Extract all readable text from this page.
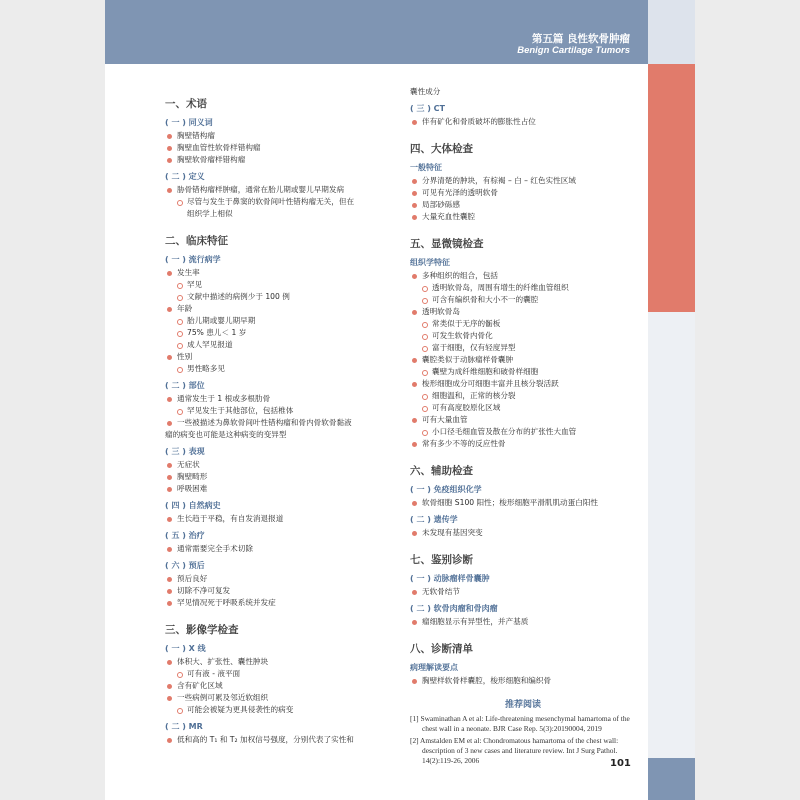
第五篇 良性软骨肿瘤
Benign Cartilage Tumors
一、术语
( 一 ) 同义词
胸壁错构瘤
胸壁血管性软骨样错构瘤
胸壁软骨瘤样错构瘤
( 二 ) 定义
胁骨错构瘤样肿瘤，通常在胎儿期或婴儿早期发病
尽管与发生于鼻窦的软骨间叶性错构瘤无关，但在
组织学上相似
二、临床特征
( 一 ) 流行病学
发生率
罕见
文献中描述的病例少于 100 例
年龄
胎儿期或婴儿期早期
75% 患儿＜ 1 岁
成人罕见报道
性别
男性略多见
( 二 ) 部位
通常发生于 1 根或多根肋骨
罕见发生于其他部位，包括椎体
一些被描述为鼻软骨间叶性错构瘤和骨内骨软骨黏液
瘤的病变也可能是这种病变的变异型
( 三 ) 表现
无症状
胸壁畸形
呼吸困难
( 四 ) 自然病史
生长趋于平稳，有自发消退报道
( 五 ) 治疗
通常需要完全手术切除
( 六 ) 预后
预后良好
切除不净可复发
罕见情况死于呼吸系统并发症
三、影像学检查
( 一 ) X 线
体积大、扩张性、囊性肿块
可有液 - 液平面
含有矿化区域
一些病例可累及邻近软组织
可能会被疑为更具侵袭性的病变
( 二 ) MR
低和高的 T₁ 和 T₂ 加权信号强度，分别代表了实性和
囊性成分
( 三 ) CT
伴有矿化和骨质破坏的膨胀性占位
四、大体检查
一般特征
分界清楚的肿块，有棕褐 – 白 – 红色实性区域
可见有光泽的透明软骨
局部砂砾感
大量充血性囊腔
五、显微镜检查
组织学特征
多种组织的组合，包括
透明软骨岛，周围有增生的纤维血管组织
可含有编织骨和大小不一的囊腔
透明软骨岛
常类似于无序的骺板
可发生软骨内骨化
富于细胞，仅有轻度异型
囊腔类似于动脉瘤样骨囊肿
囊壁为成纤维细胞和破骨样细胞
梭形细胞成分可细胞丰富并且核分裂活跃
细胞温和，正常的核分裂
可有高度胶原化区域
可有大量血管
小口径毛细血管及散在分布的扩张性大血管
常有多少不等的反应性骨
六、辅助检查
( 一 ) 免疫组织化学
软骨细胞 S100 阳性；梭形细胞平滑肌肌动蛋白阳性
( 二 ) 遗传学
未发现有基因突变
七、鉴别诊断
( 一 ) 动脉瘤样骨囊肿
无软骨结节
( 二 ) 软骨肉瘤和骨肉瘤
瘤细胞显示有异型性，并产基质
八、诊断清单
病理解读要点
胸壁样软骨样囊腔，梭形细胞和编织骨
推荐阅读
[1] Swaminathan A et al: Life-threatening mesenchymal hamartoma of the chest wall in a neonate. BJR Case Rep. 5(3):20190004, 2019
[2] Amstalden EM et al: Chondromatous hamartoma of the chest wall: description of 3 new cases and literature review. Int J Surg Pathol. 14(2):119-26, 2006	101
